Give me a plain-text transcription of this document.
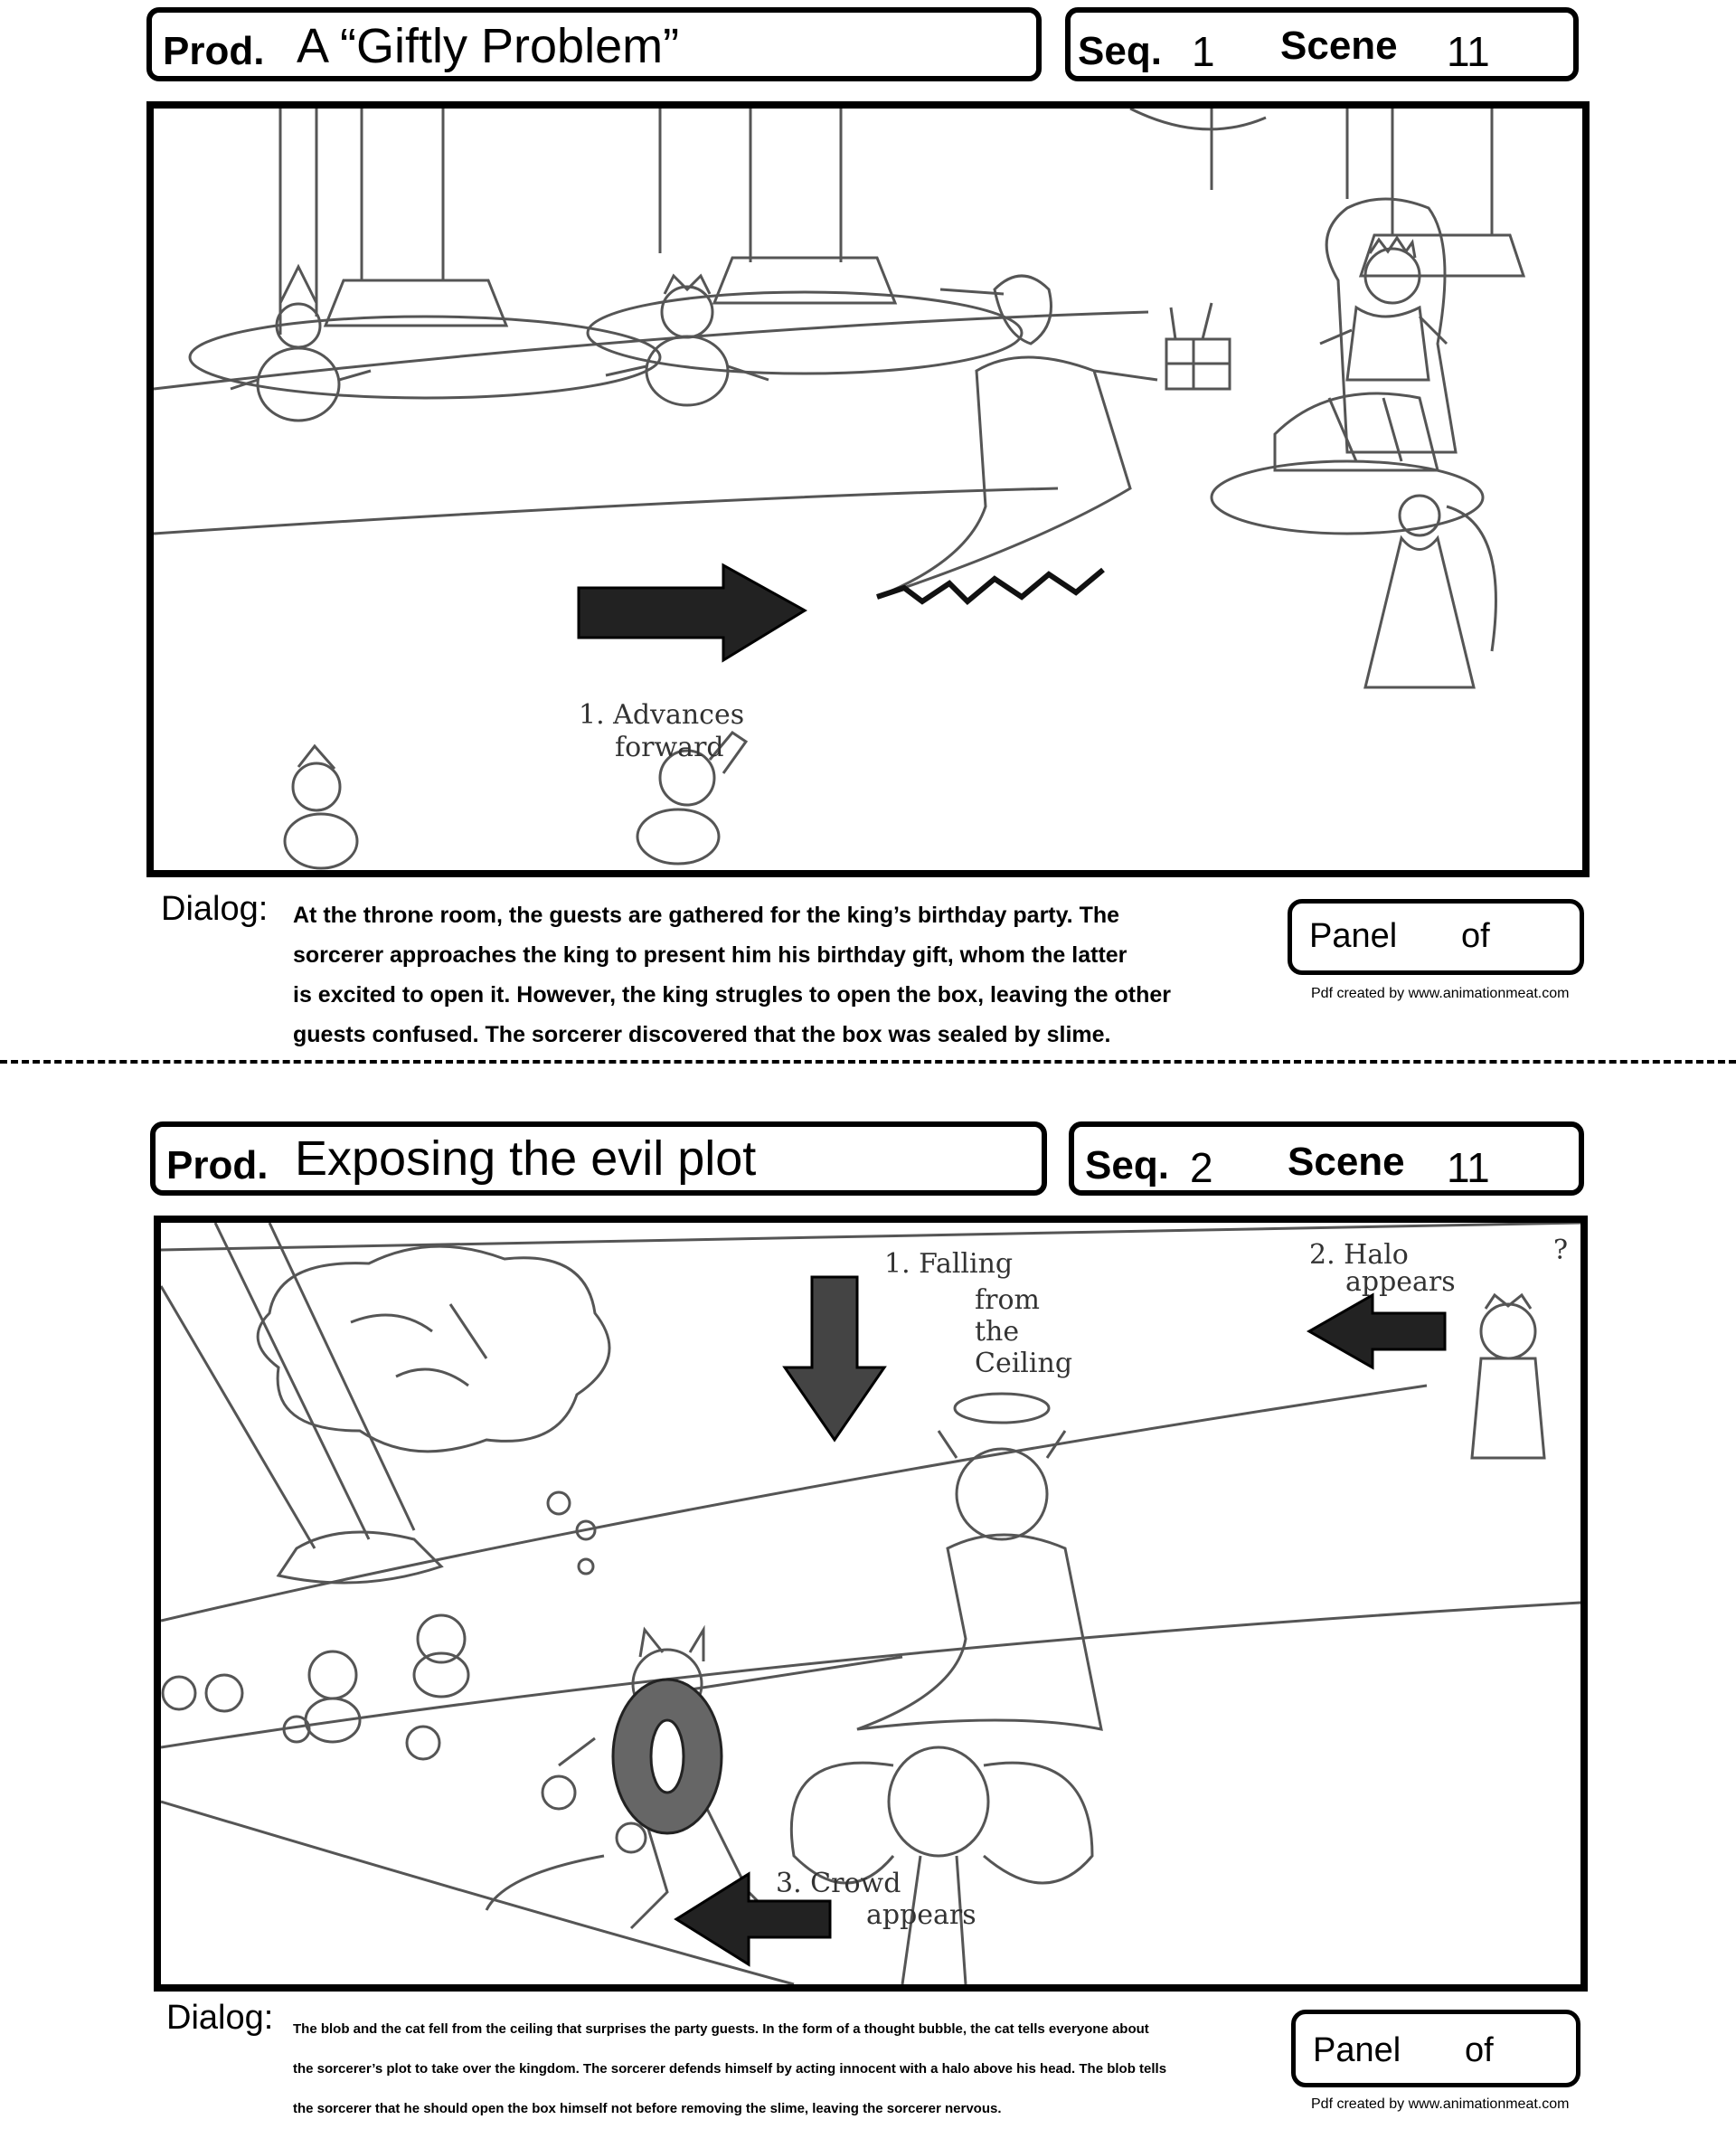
Prod. A “Giftly Problem”	Seq. 1 Scene 11
1. Advances
forward
Dialog: At the throne room, the guests are gathered for the king’s birthday party. The
sorcerer approaches the king to present him his birthday gift, whom the latter
is excited to open it. However, the king strugles to open the box, leaving the other
guests confused. The sorcerer discovered that the box was sealed by slime.
Panel of
Pdf created by www.animationmeat.com
Prod. Exposing the evil plot	Seq. 2 Scene 11
1. Falling
from
the
Ceiling
2. Halo
appears
3. Crowd
appears
?
Dialog: The blob and the cat fell from the ceiling that surprises the party guests. In the form of a thought bubble, the cat tells everyone about
the sorcerer’s plot to take over the kingdom. The sorcerer defends himself by acting innocent with a halo above his head. The blob tells
the sorcerer that he should open the box himself not before removing the slime, leaving the sorcerer nervous.
Panel of
Pdf created by www.animationmeat.com
